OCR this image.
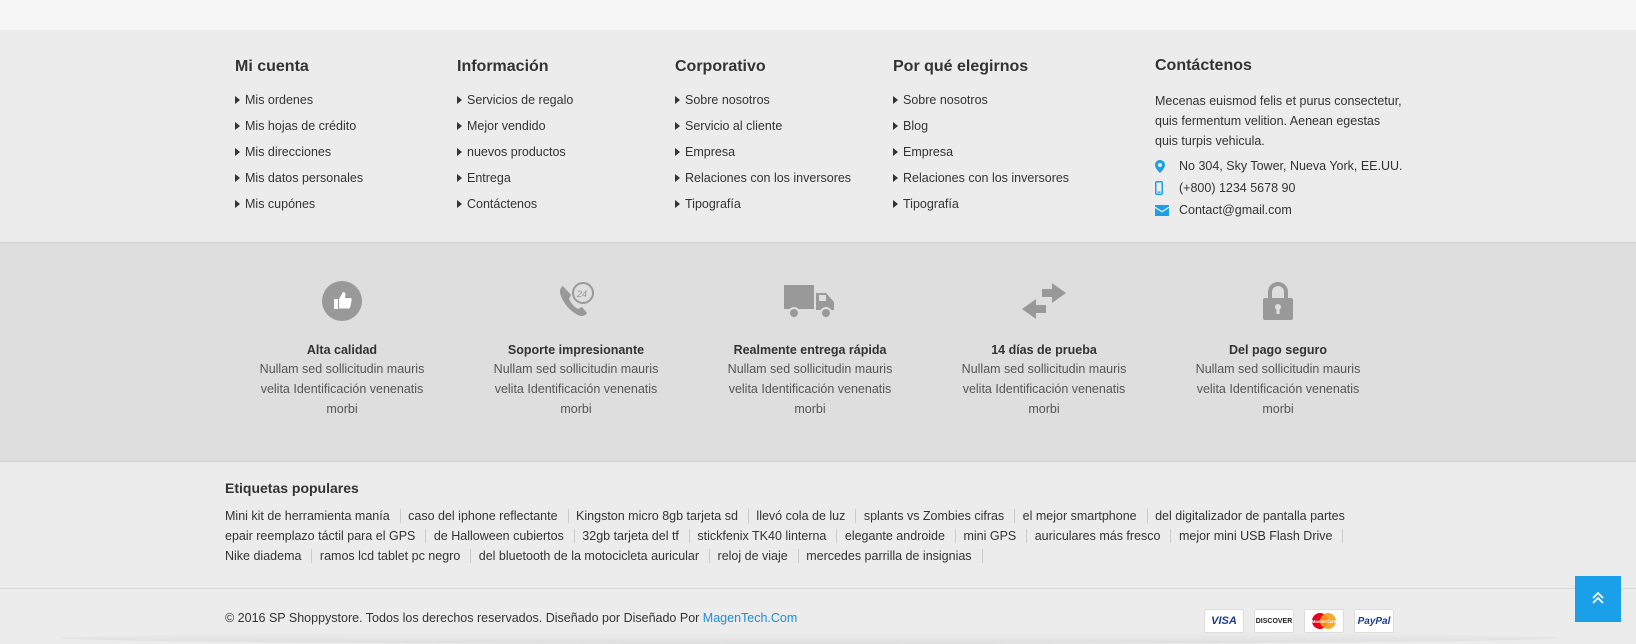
Mi cuenta
Mis ordenes
Mis hojas de crédito
Mis direcciones
Mis datos personales
Mis cupónes
Información
Servicios de regalo
Mejor vendido
nuevos productos
Entrega
Contáctenos
Corporativo
Sobre nosotros
Servicio al cliente
Empresa
Relaciones con los inversores
Tipografía
Por qué elegirnos
Sobre nosotros
Blog
Empresa
Relaciones con los inversores
Tipografía
Contáctenos

Mecenas euismod felis et purus consectetur, quis fermentum velition. Aenean egestas quis turpis vehicula.

No 304, Sky Tower, Nueva York, EE.UU.
(+800) 1234 5678 90
Contact@gmail.com
Alta calidad

Nullam sed sollicitudin mauris velita Identificación venenatis morbi

24
Soporte impresionante

Nullam sed sollicitudin mauris velita Identificación venenatis morbi

Realmente entrega rápida

Nullam sed sollicitudin mauris velita Identificación venenatis morbi

14 días de prueba

Nullam sed sollicitudin mauris velita Identificación venenatis morbi

Del pago seguro

Nullam sed sollicitudin mauris velita Identificación venenatis morbi

Etiquetas populares
Mini kit de herramienta manía caso del iphone reflectante Kingston micro 8gb tarjeta sd llevó cola de luz splants vs Zombies cifras el mejor smartphone del digitalizador de pantalla partes epair reemplazo táctil para el GPS de Halloween cubiertos 32gb tarjeta del tf stickfenix TK40 linterna elegante androide mini GPS auriculares más fresco mejor mini USB Flash Drive Nike diadema ramos lcd tablet pc negro del bluetooth de la motocicleta auricular reloj de viaje mercedes parrilla de insignias
© 2016 SP Shoppystore. Todos los derechos reservados. Diseñado por Diseñado Por MagenTech.Com	VISA	DISCOVER	MasterCard	PayPal
